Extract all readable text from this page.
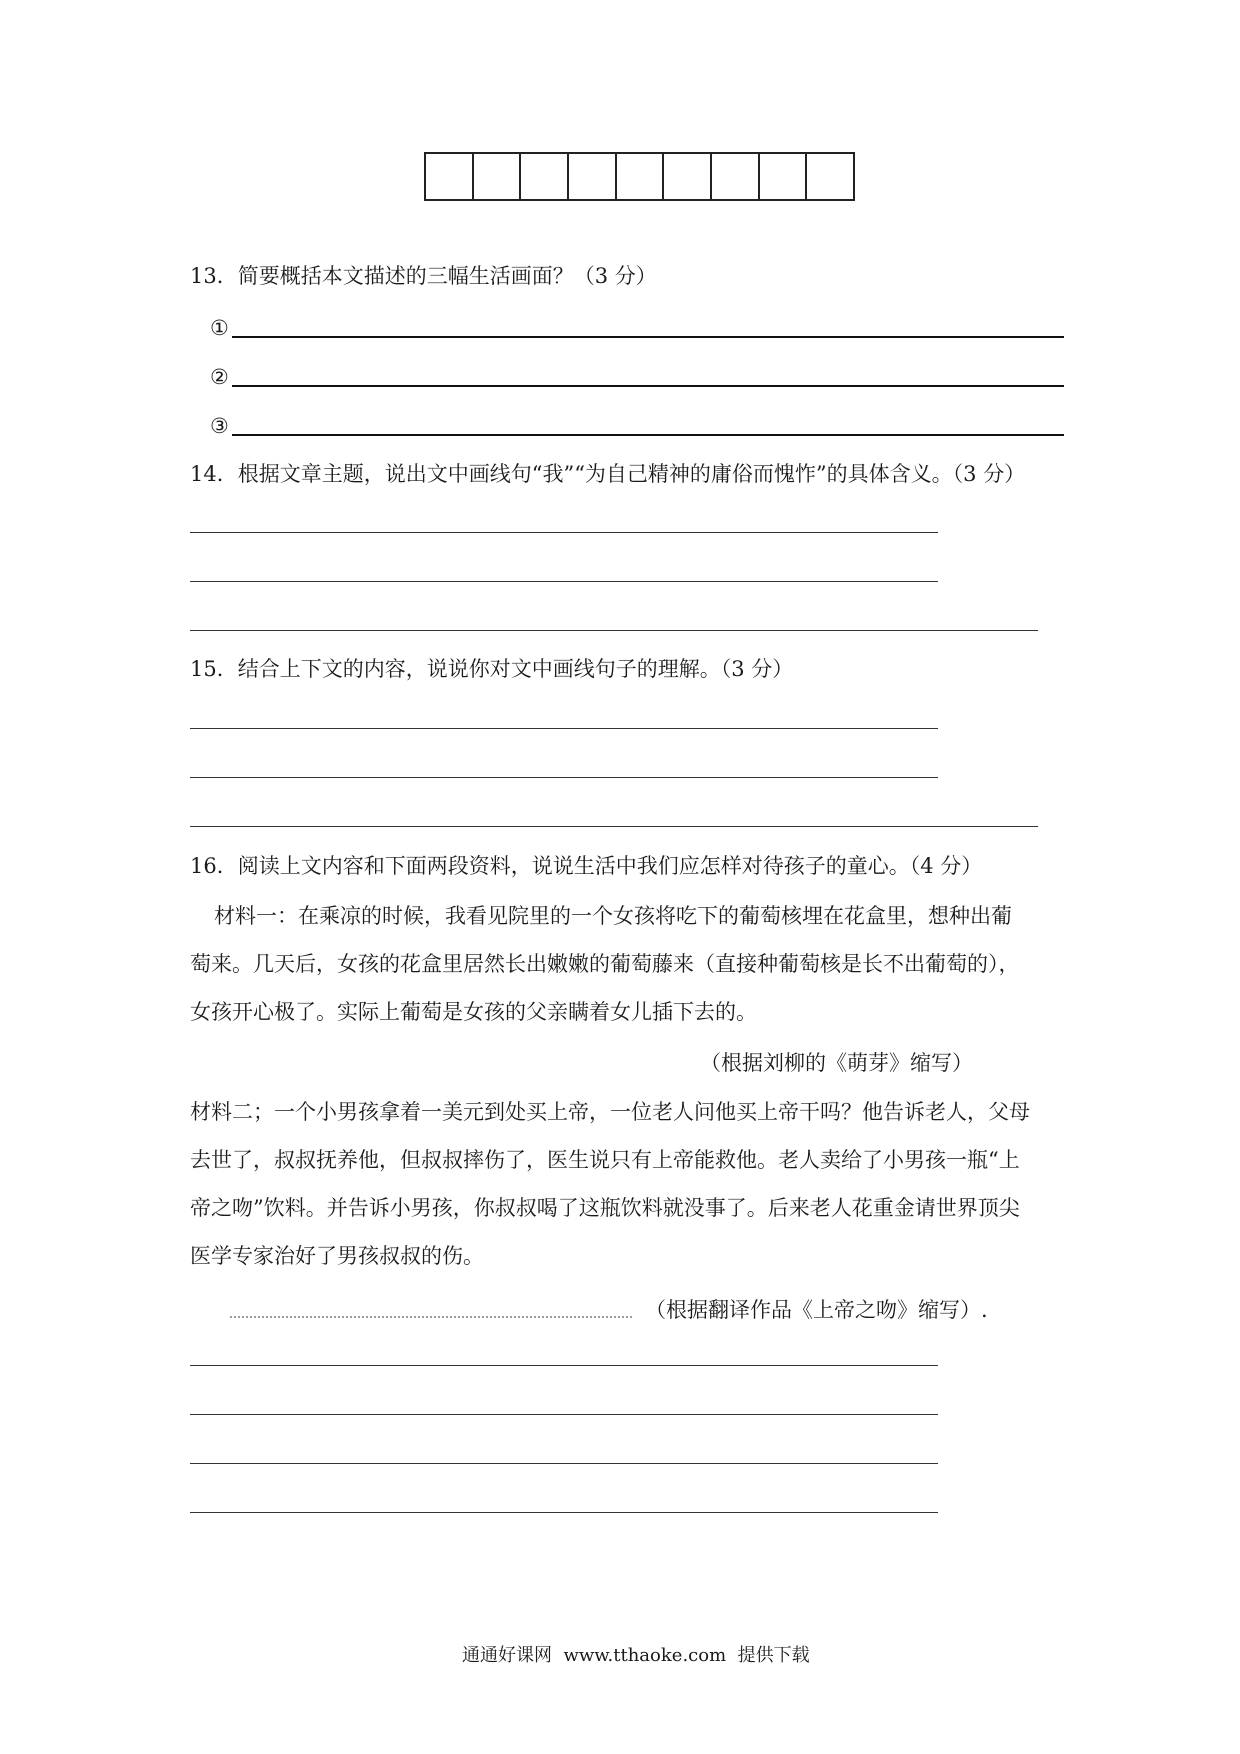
13．简要概括本文描述的三幅生活画面？（3 分）
①
②
③
14．根据文章主题，说出文中画线句“我”“为自己精神的庸俗而愧怍”的具体含义。（3 分）
15．结合上下文的内容，说说你对文中画线句子的理解。（3 分）
16．阅读上文内容和下面两段资料，说说生活中我们应怎样对待孩子的童心。（4 分）
材料一：在乘凉的时候，我看见院里的一个女孩将吃下的葡萄核埋在花盒里，想种出葡
萄来。几天后，女孩的花盒里居然长出嫩嫩的葡萄藤来（直接种葡萄核是长不出葡萄的），
女孩开心极了。实际上葡萄是女孩的父亲瞒着女儿插下去的。
（根据刘柳的《萌芽》缩写）
材料二；一个小男孩拿着一美元到处买上帝，一位老人问他买上帝干吗？他告诉老人，父母
去世了，叔叔抚养他，但叔叔摔伤了，医生说只有上帝能救他。老人卖给了小男孩一瓶“上
帝之吻”饮料。并告诉小男孩，你叔叔喝了这瓶饮料就没事了。后来老人花重金请世界顶尖
医学专家治好了男孩叔叔的伤。
（根据翻译作品《上帝之吻》缩写）.
通通好课网  www.tthaoke.com  提供下载
